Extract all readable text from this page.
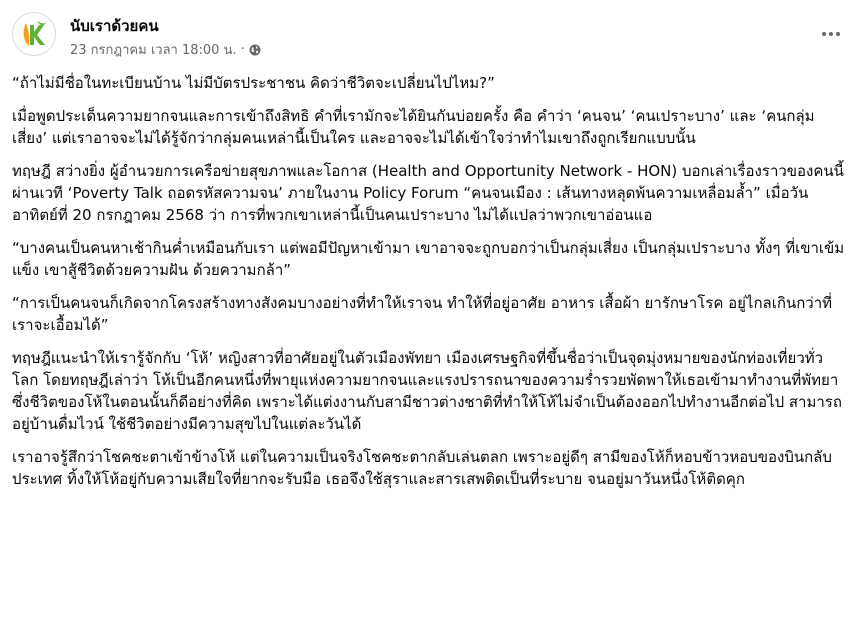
นับเราด้วยคน
23 กรกฎาคม เวลา 18:00 น. ·

“ถ้าไม่มีชื่อในทะเบียนบ้าน ไม่มีบัตรประชาชน คิดว่าชีวิตจะเปลี่ยนไปไหม?”

เมื่อพูดประเด็นความยากจนและการเข้าถึงสิทธิ คำที่เรามักจะได้ยินกันบ่อยครั้ง คือ คำว่า ‘คนจน’ ‘คนเปราะบาง’ และ ‘คนกลุ่มเสี่ยง’ แต่เราอาจจะไม่ได้รู้จักว่ากลุ่มคนเหล่านี้เป็นใคร และอาจจะไม่ได้เข้าใจว่าทำไมเขาถึงถูกเรียกแบบนั้น

ทฤษฎี สว่างยิ่ง ผู้อำนวยการเครือข่ายสุขภาพและโอกาส (Health and Opportunity Network - HON) บอกเล่าเรื่องราวของคนนี้ผ่านเวที ‘Poverty Talk ถอดรหัสความจน’ ภายในงาน Policy Forum “คนจนเมือง : เส้นทางหลุดพ้นความเหลื่อมล้ำ” เมื่อวันอาทิตย์ที่ 20 กรกฎาคม 2568 ว่า การที่พวกเขาเหล่านี้เป็นคนเปราะบาง ไม่ได้แปลว่าพวกเขาอ่อนแอ

“บางคนเป็นคนหาเช้ากินค่ำเหมือนกับเรา แต่พอมีปัญหาเข้ามา เขาอาจจะถูกบอกว่าเป็นกลุ่มเสี่ยง เป็นกลุ่มเปราะบาง ทั้งๆ ที่เขาเข้มแข็ง เขาสู้ชีวิตด้วยความฝัน ด้วยความกล้า”

“การเป็นคนจนก็เกิดจากโครงสร้างทางสังคมบางอย่างที่ทำให้เราจน ทำให้ที่อยู่อาศัย อาหาร เสื้อผ้า ยารักษาโรค อยู่ไกลเกินกว่าที่เราจะเอื้อมได้”

ทฤษฎีแนะนำให้เรารู้จักกับ ‘โห้’ หญิงสาวที่อาศัยอยู่ในตัวเมืองพัทยา เมืองเศรษฐกิจที่ขึ้นชื่อว่าเป็นจุดมุ่งหมายของนักท่องเที่ยวทั่วโลก โดยทฤษฎีเล่าว่า โห้เป็นอีกคนหนึ่งที่พายุแห่งความยากจนและแรงปรารถนาของความร่ำรวยพัดพาให้เธอเข้ามาทำงานที่พัทยา ซึ่งชีวิตของโห้ในตอนนั้นก็ดีอย่างที่คิด เพราะได้แต่งงานกับสามีชาวต่างชาติที่ทำให้โห้ไม่จำเป็นต้องออกไปทำงานอีกต่อไป สามารถอยู่บ้านดื่มไวน์ ใช้ชีวิตอย่างมีความสุขไปในแต่ละวันได้

เราอาจรู้สึกว่าโชคชะตาเข้าข้างโห้ แต่ในความเป็นจริงโชคชะตากลับเล่นตลก เพราะอยู่ดีๆ สามีของโห้ก็หอบข้าวหอบของบินกลับประเทศ ทิ้งให้โห้อยู่กับความเสียใจที่ยากจะรับมือ เธอจึงใช้สุราและสารเสพติดเป็นที่ระบาย จนอยู่มาวันหนึ่งโห้ติดคุก
